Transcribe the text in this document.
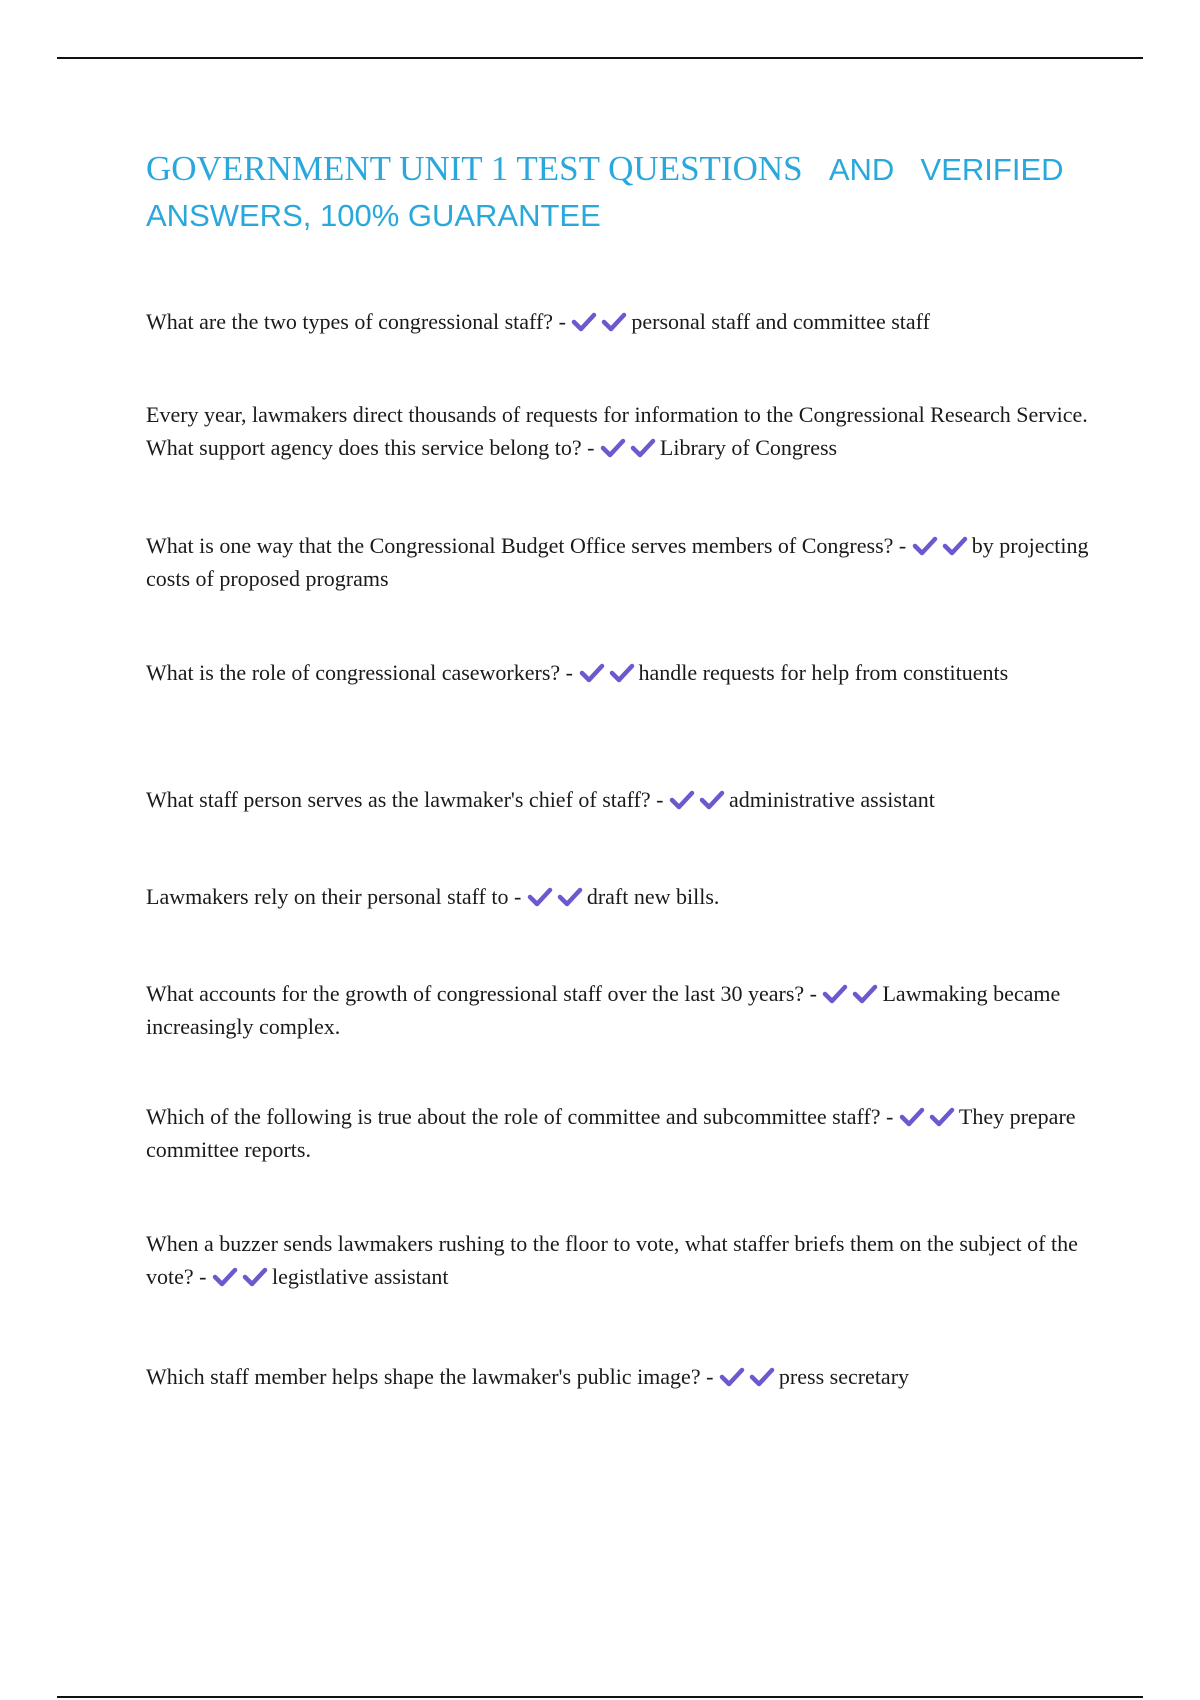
GOVERNMENT UNIT 1 TEST QUESTIONS AND VERIFIED
ANSWERS, 100% GUARANTEE

What are the two types of congressional staff? -	personal staff and committee staff

Every year, lawmakers direct thousands of requests for information to the Congressional Research Service. What support agency does this service belong to? -	Library of Congress

What is one way that the Congressional Budget Office serves members of Congress? -	by projecting costs of proposed programs

What is the role of congressional caseworkers? -	handle requests for help from constituents

What staff person serves as the lawmaker's chief of staff? -	administrative assistant

Lawmakers rely on their personal staff to -	draft new bills.

What accounts for the growth of congressional staff over the last 30 years? -	Lawmaking became increasingly complex.

Which of the following is true about the role of committee and subcommittee staff? -	They prepare committee reports.

When a buzzer sends lawmakers rushing to the floor to vote, what staffer briefs them on the subject of the vote? -	legistlative assistant

Which staff member helps shape the lawmaker's public image? -	press secretary
